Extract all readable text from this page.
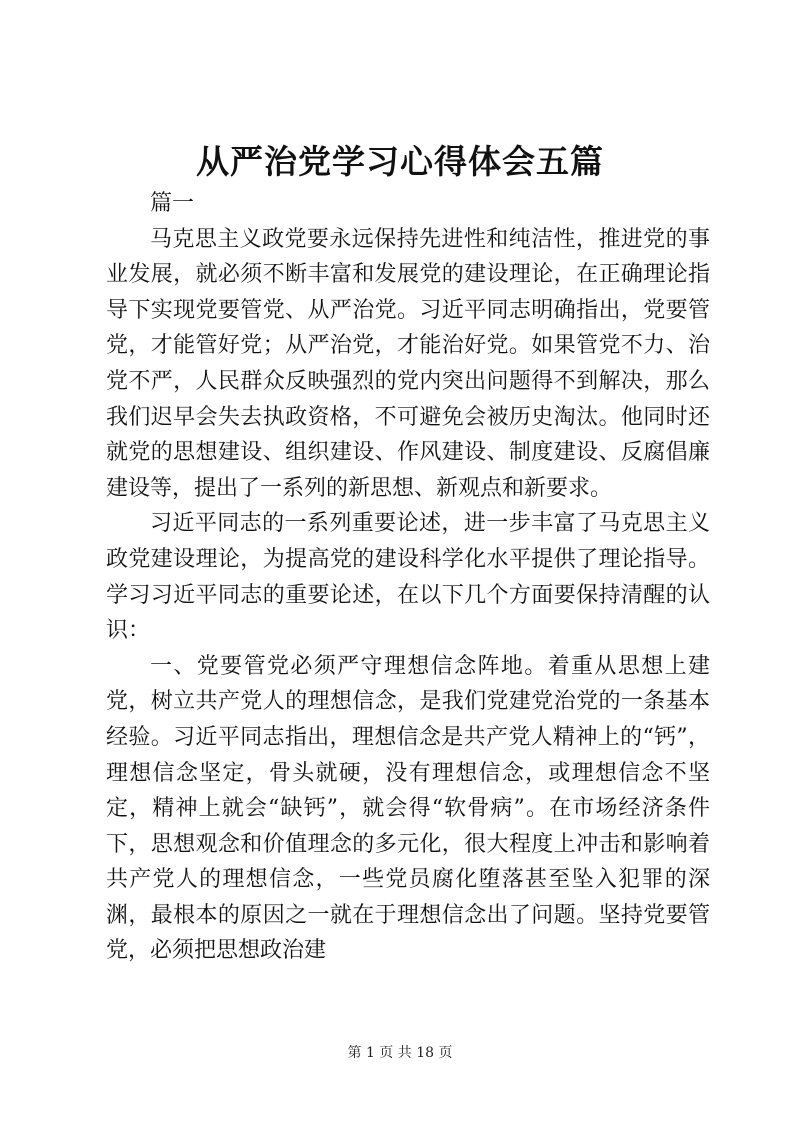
从严治党学习心得体会五篇

篇一

马克思主义政党要永远保持先进性和纯洁性，推进党的事业发展，就必须不断丰富和发展党的建设理论，在正确理论指导下实现党要管党、从严治党。习近平同志明确指出，党要管党，才能管好党；从严治党，才能治好党。如果管党不力、治党不严，人民群众反映强烈的党内突出问题得不到解决，那么我们迟早会失去执政资格，不可避免会被历史淘汰。他同时还就党的思想建设、组织建设、作风建设、制度建设、反腐倡廉建设等，提出了一系列的新思想、新观点和新要求。

习近平同志的一系列重要论述，进一步丰富了马克思主义政党建设理论，为提高党的建设科学化水平提供了理论指导。学习习近平同志的重要论述，在以下几个方面要保持清醒的认识：

一、党要管党必须严守理想信念阵地。着重从思想上建党，树立共产党人的理想信念，是我们党建党治党的一条基本经验。习近平同志指出，理想信念是共产党人精神上的“钙”，理想信念坚定，骨头就硬，没有理想信念，或理想信念不坚定，精神上就会“缺钙”，就会得“软骨病”。在市场经济条件下，思想观念和价值理念的多元化，很大程度上冲击和影响着共产党人的理想信念，一些党员腐化堕落甚至坠入犯罪的深渊，最根本的原因之一就在于理想信念出了问题。坚持党要管党，必须把思想政治建

第 1 页 共 18 页
